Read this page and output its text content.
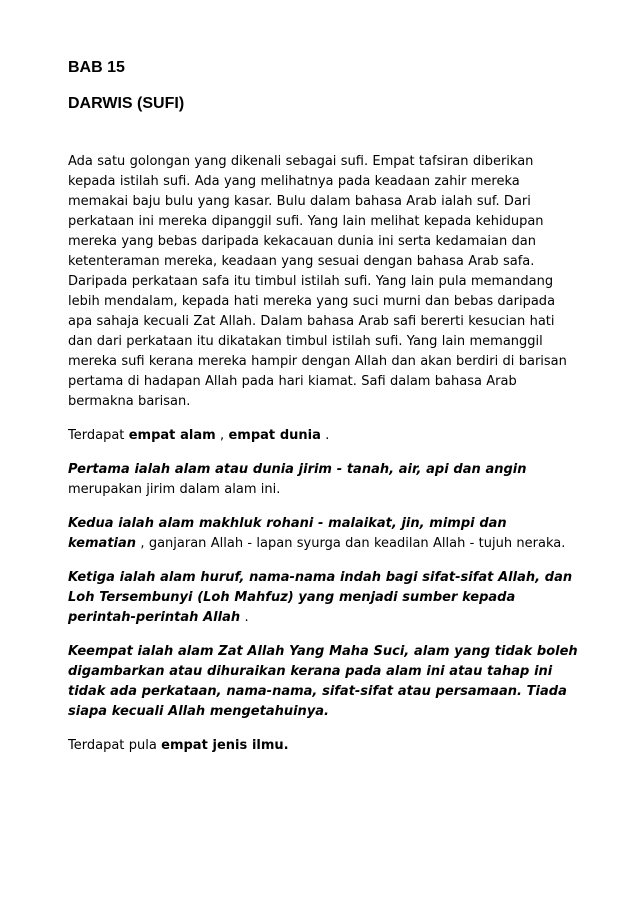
BAB 15
DARWIS (SUFI)

Ada satu golongan yang dikenali sebagai sufi. Empat tafsiran diberikan kepada istilah sufi. Ada yang melihatnya pada keadaan zahir mereka memakai baju bulu yang kasar. Bulu dalam bahasa Arab ialah suf. Dari perkataan ini mereka dipanggil sufi. Yang lain melihat kepada kehidupan mereka yang bebas daripada kekacauan dunia ini serta kedamaian dan ketenteraman mereka, keadaan yang sesuai dengan bahasa Arab safa. Daripada perkataan safa itu timbul istilah sufi. Yang lain pula memandang lebih mendalam, kepada hati mereka yang suci murni dan bebas daripada apa sahaja kecuali Zat Allah. Dalam bahasa Arab safi bererti kesucian hati dan dari perkataan itu dikatakan timbul istilah sufi. Yang lain memanggil mereka sufi kerana mereka hampir dengan Allah dan akan berdiri di barisan pertama di hadapan Allah pada hari kiamat. Safi dalam bahasa Arab bermakna barisan.

Terdapat empat alam , empat dunia .

Pertama ialah alam atau dunia jirim - tanah, air, api dan angin merupakan jirim dalam alam ini.

Kedua ialah alam makhluk rohani - malaikat, jin, mimpi dan kematian , ganjaran Allah - lapan syurga dan keadilan Allah - tujuh neraka.

Ketiga ialah alam huruf, nama-nama indah bagi sifat-sifat Allah, dan Loh Tersembunyi (Loh Mahfuz) yang menjadi sumber kepada perintah-perintah Allah .

Keempat ialah alam Zat Allah Yang Maha Suci, alam yang tidak boleh digambarkan atau dihuraikan kerana pada alam ini atau tahap ini tidak ada perkataan, nama-nama, sifat-sifat atau persamaan. Tiada siapa kecuali Allah mengetahuinya.

Terdapat pula empat jenis ilmu.
